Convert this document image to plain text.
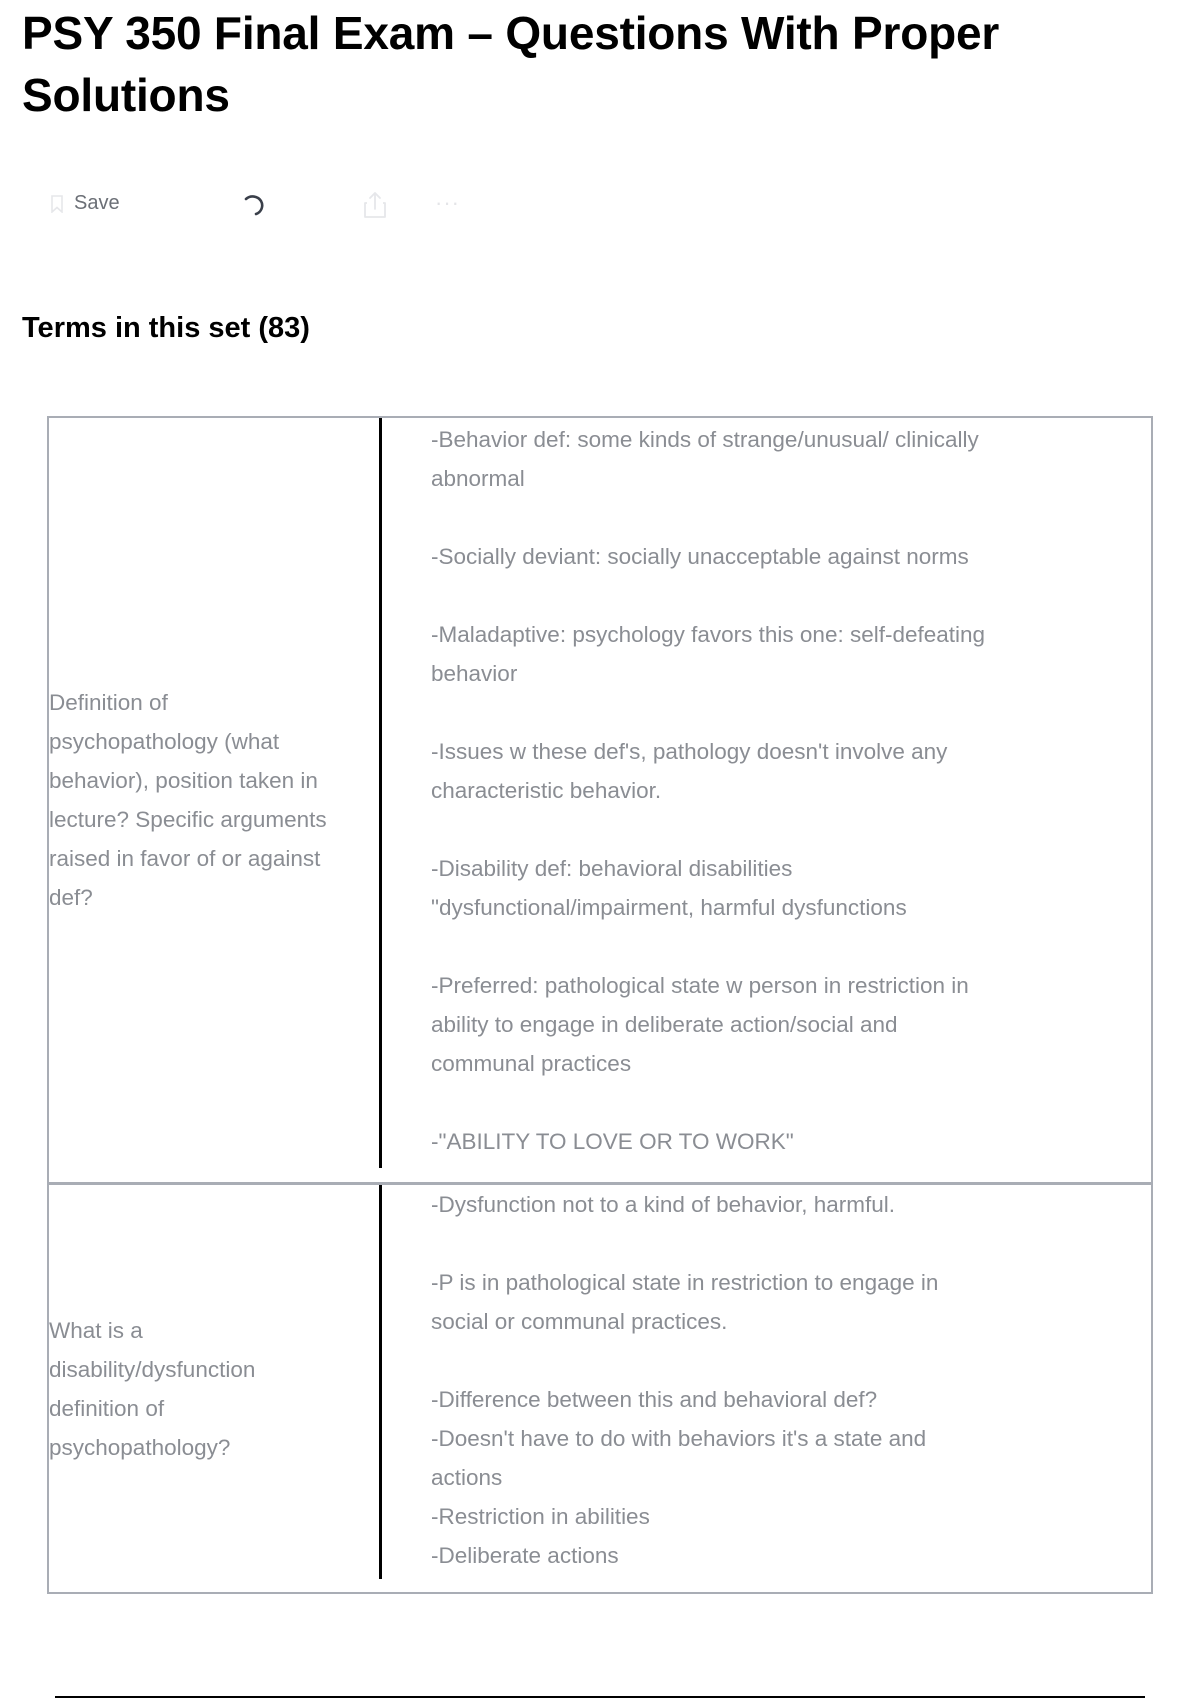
PSY 350 Final Exam – Questions With Proper
Solutions
Save	···
Terms in this set (83)

Definition of
psychopathology (what
behavior), position taken in
lecture? Specific arguments
raised in favor of or against
def?

-Behavior def: some kinds of strange/unusual/ clinically

abnormal

-Socially deviant: socially unacceptable against norms

-Maladaptive: psychology favors this one: self-defeating

behavior

-Issues w these def's, pathology doesn't involve any

characteristic behavior.

-Disability def: behavioral disabilities

"dysfunctional/impairment, harmful dysfunctions

-Preferred: pathological state w person in restriction in

ability to engage in deliberate action/social and

communal practices

-"ABILITY TO LOVE OR TO WORK"

What is a
disability/dysfunction
definition of
psychopathology?

-Dysfunction not to a kind of behavior, harmful.

-P is in pathological state in restriction to engage in

social or communal practices.

-Difference between this and behavioral def?

-Doesn't have to do with behaviors it's a state and

actions

-Restriction in abilities

-Deliberate actions
